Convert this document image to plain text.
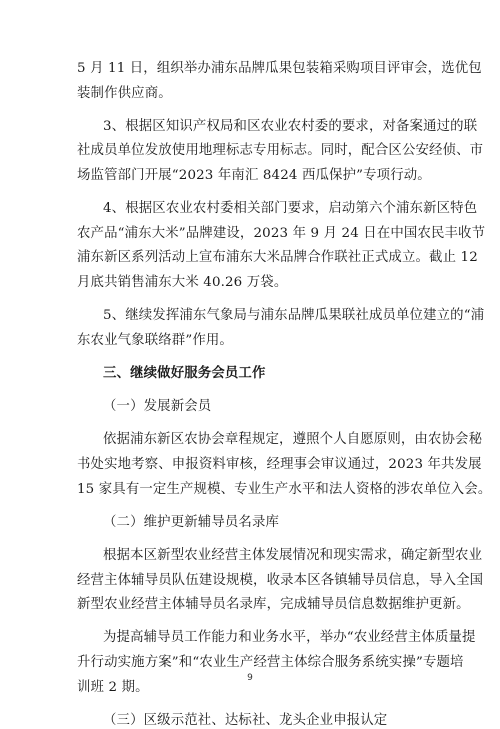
5 月 11 日，组织举办浦东品牌瓜果包装箱采购项目评审会，选优包
装制作供应商。
3、根据区知识产权局和区农业农村委的要求，对备案通过的联
社成员单位发放使用地理标志专用标志。同时，配合区公安经侦、市
场监管部门开展“2023 年南汇 8424 西瓜保护”专项行动。
4、根据区农业农村委相关部门要求，启动第六个浦东新区特色
农产品“浦东大米”品牌建设，2023 年 9 月 24 日在中国农民丰收节
浦东新区系列活动上宣布浦东大米品牌合作联社正式成立。截止 12
月底共销售浦东大米 40.26 万袋。
5、继续发挥浦东气象局与浦东品牌瓜果联社成员单位建立的“浦
东农业气象联络群”作用。
三、继续做好服务会员工作
（一）发展新会员
依据浦东新区农协会章程规定，遵照个人自愿原则，由农协会秘
书处实地考察、申报资料审核，经理事会审议通过，2023 年共发展
15 家具有一定生产规模、专业生产水平和法人资格的涉农单位入会。
（二）维护更新辅导员名录库
根据本区新型农业经营主体发展情况和现实需求，确定新型农业
经营主体辅导员队伍建设规模，收录本区各镇辅导员信息，导入全国
新型农业经营主体辅导员名录库，完成辅导员信息数据维护更新。
为提高辅导员工作能力和业务水平，举办“农业经营主体质量提
升行动实施方案”和“农业生产经营主体综合服务系统实操”专题培
训班 2 期。
（三）区级示范社、达标社、龙头企业申报认定
9
